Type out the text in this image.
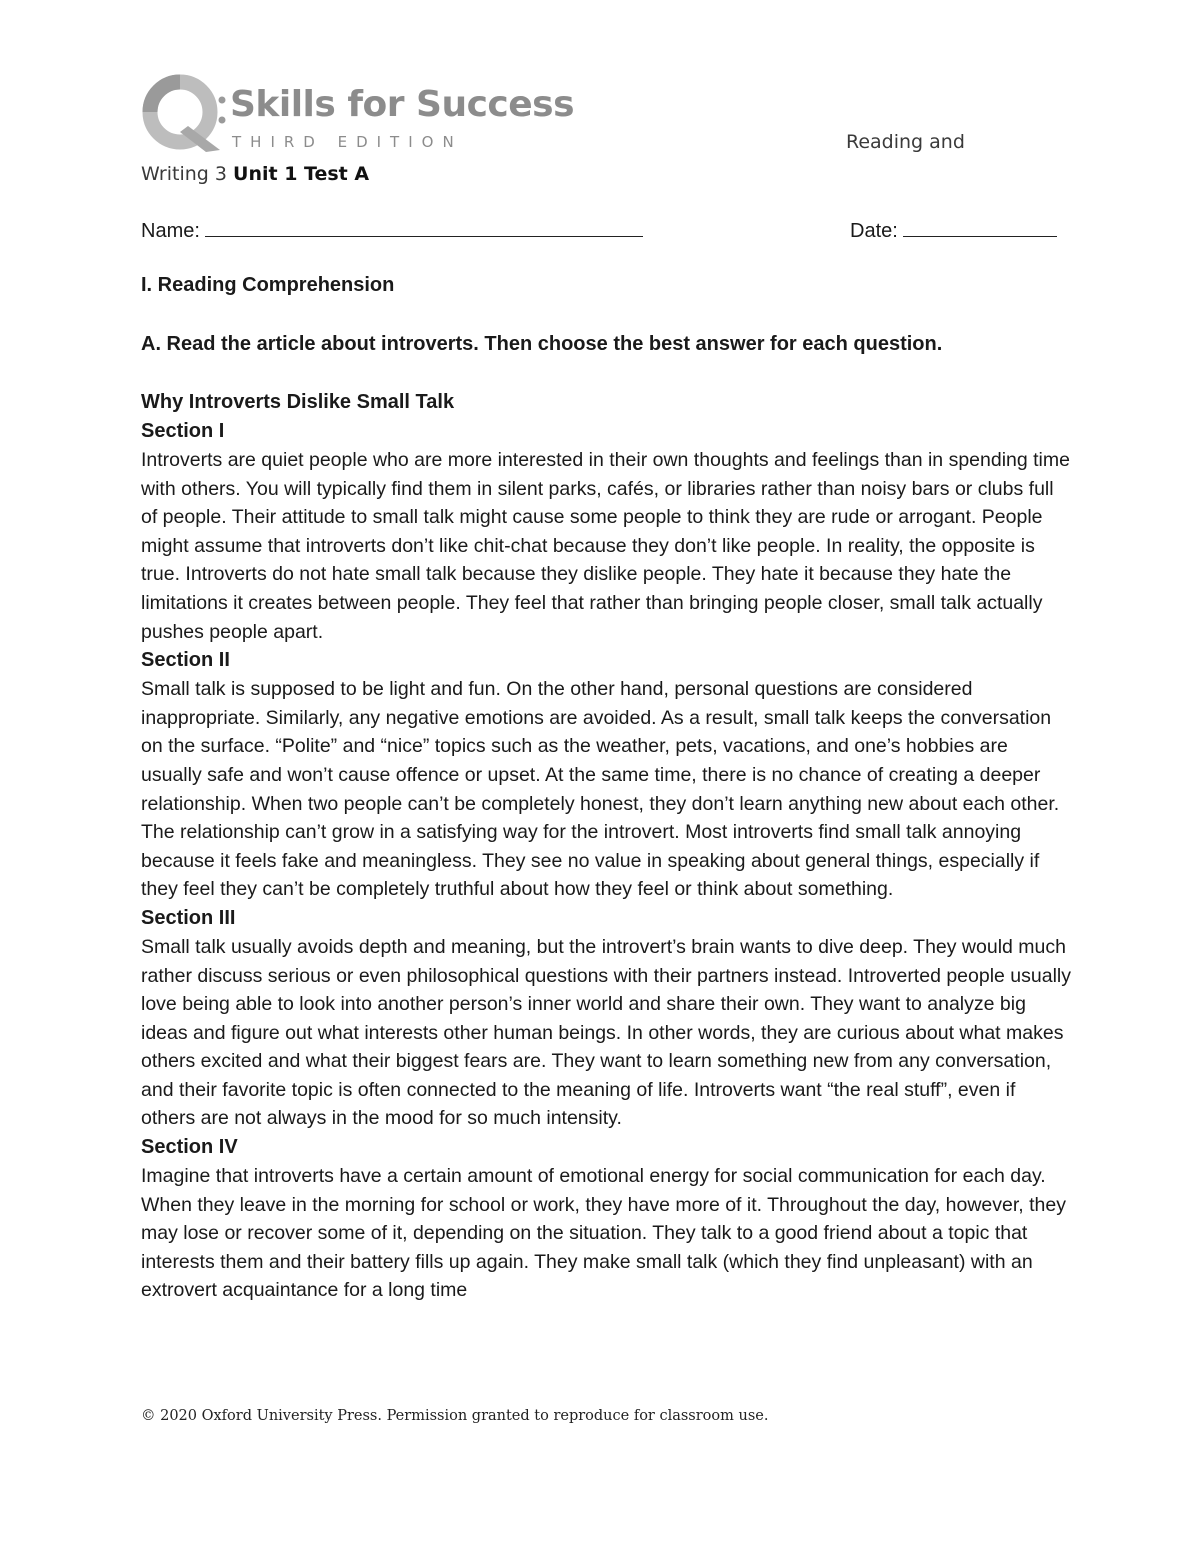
Skills for Success
THIRD EDITION	Reading and
Writing 3 Unit 1 Test A
Name:	Date:
I. Reading Comprehension
A. Read the article about introverts. Then choose the best answer for each question.
Why Introverts Dislike Small Talk
Section I

Introverts are quiet people who are more interested in their own thoughts and feelings than in spending time with others. You will typically find them in silent parks, cafés, or libraries rather than noisy bars or clubs full of people. Their attitude to small talk might cause some people to think they are rude or arrogant. People might assume that introverts don’t like chit-chat because they don’t like people. In reality, the opposite is true. Introverts do not hate small talk because they dislike people. They hate it because they hate the limitations it creates between people. They feel that rather than bringing people closer, small talk actually pushes people apart.

Section II

Small talk is supposed to be light and fun. On the other hand, personal questions are considered inappropriate. Similarly, any negative emotions are avoided. As a result, small talk keeps the conversation on the surface. “Polite” and “nice” topics such as the weather, pets, vacations, and one’s hobbies are usually safe and won’t cause offence or upset. At the same time, there is no chance of creating a deeper relationship. When two people can’t be completely honest, they don’t learn anything new about each other. The relationship can’t grow in a satisfying way for the introvert. Most introverts find small talk annoying because it feels fake and meaningless. They see no value in speaking about general things, especially if they feel they can’t be completely truthful about how they feel or think about something.

Section III

Small talk usually avoids depth and meaning, but the introvert’s brain wants to dive deep. They would much rather discuss serious or even philosophical questions with their partners instead. Introverted people usually love being able to look into another person’s inner world and share their own. They want to analyze big ideas and figure out what interests other human beings. In other words, they are curious about what makes others excited and what their biggest fears are. They want to learn something new from any conversation, and their favorite topic is often connected to the meaning of life. Introverts want “the real stuff”, even if others are not always in the mood for so much intensity.

Section IV

Imagine that introverts have a certain amount of emotional energy for social communication for each day. When they leave in the morning for school or work, they have more of it. Throughout the day, however, they may lose or recover some of it, depending on the situation. They talk to a good friend about a topic that interests them and their battery fills up again. They make small talk (which they find unpleasant) with an extrovert acquaintance for a long time

© 2020 Oxford University Press. Permission granted to reproduce for classroom use.
